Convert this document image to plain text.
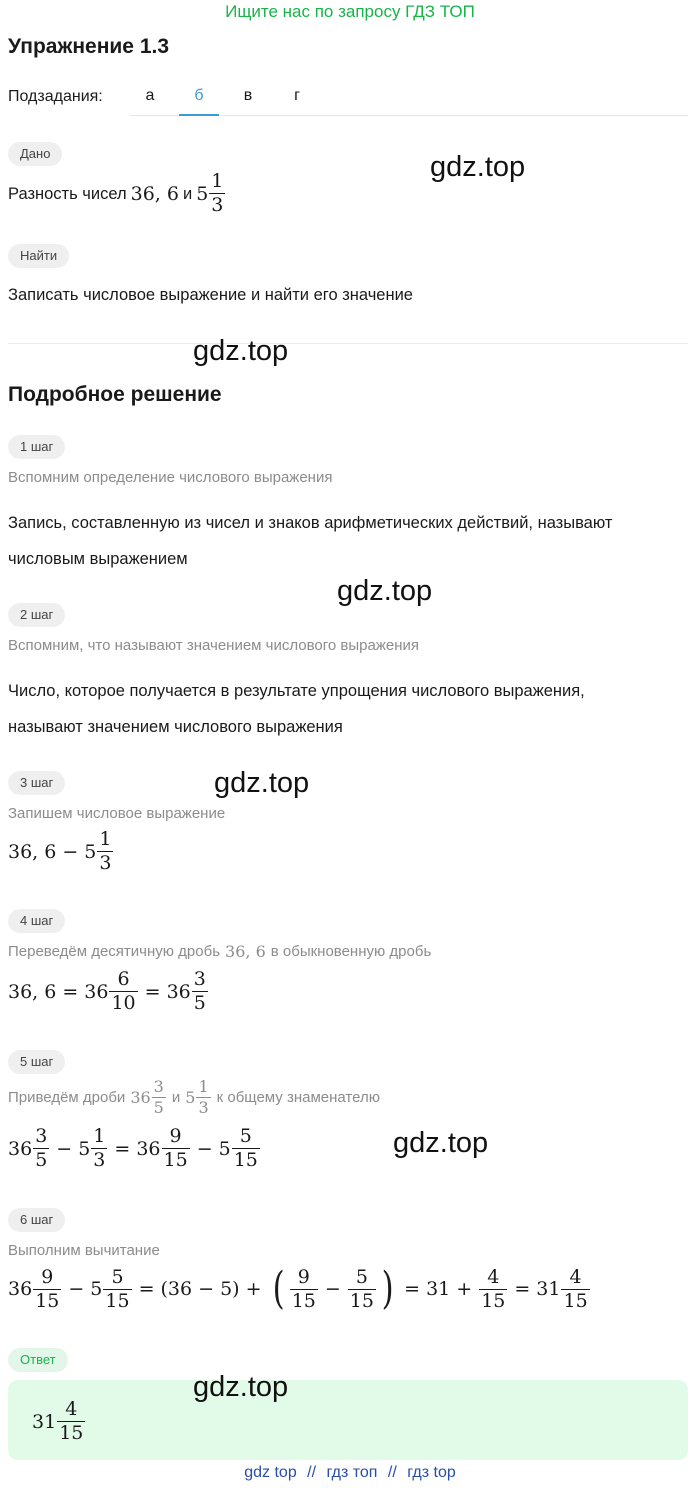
Ищите нас по запросу ГДЗ ТОП
Упражнение 1.3
Подзадания:	а	б	в	г
Дано
Разность чисел 36, 6 и $5 \frac{1}{3}$
gdz.top
Найти
Записать числовое выражение и найти его значение
gdz.top
Подробное решение
1 шаг
Вспомним определение числового выражения
Запись, составленную из чисел и знаков арифметических действий, называют
числовым выражением
gdz.top
2 шаг
Вспомним, что называют значением числового выражения
Число, которое получается в результате упрощения числового выражения,
называют значением числового выражения
3 шаг	gdz.top
Запишем числовое выражение
36, $6 - 5 \frac{1}{3}$
4 шаг
Переведём десятичную дробь 36, 6 в обыкновенную дробь
36, $6 = 36 \frac{6}{10} = 36 \frac{3}{5}$
5 шаг
Приведём дроби $36 \frac{3}{5}$ и $5 \frac{1}{3}$ к общему знаменателю
$36 \frac{3}{5} - 5 \frac{1}{3} = 36 \frac{9}{15} - 5 \frac{5}{15}$	gdz.top
6 шаг
Выполним вычитание
$36 \frac{9}{15} - 5 \frac{5}{15} = (36 - 5)$ + ( $\frac{9}{15} - \frac{5}{15}$ ) = $31 + \frac{4}{15} = 31 \frac{4}{15}$
Ответ
$31 \frac{4}{15}$
gdz.top
gdz top // гдз топ // гдз top
